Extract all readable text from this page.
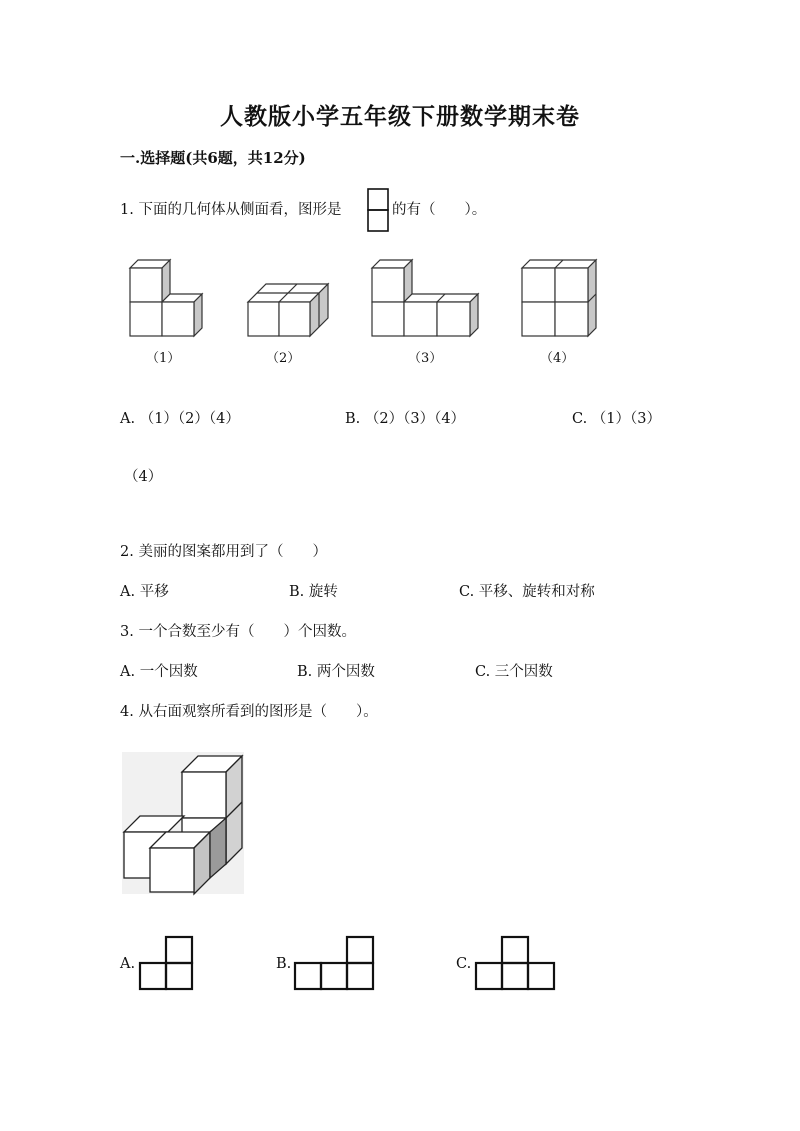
人教版小学五年级下册数学期末卷
一.选择题(共6题，共12分)
1. 下面的几何体从侧面看，图形是	的有（　　）。
（1）	（2）	（3）	（4）
A. （1）（2）（4）	B. （2）（3）（4）	C. （1）（3）
（4）
2. 美丽的图案都用到了（　　）
A. 平移	B. 旋转	C. 平移、旋转和对称
3. 一个合数至少有（　　）个因数。
A. 一个因数	B. 两个因数	C. 三个因数
4. 从右面观察所看到的图形是（　　）。
A.	B.	C.
